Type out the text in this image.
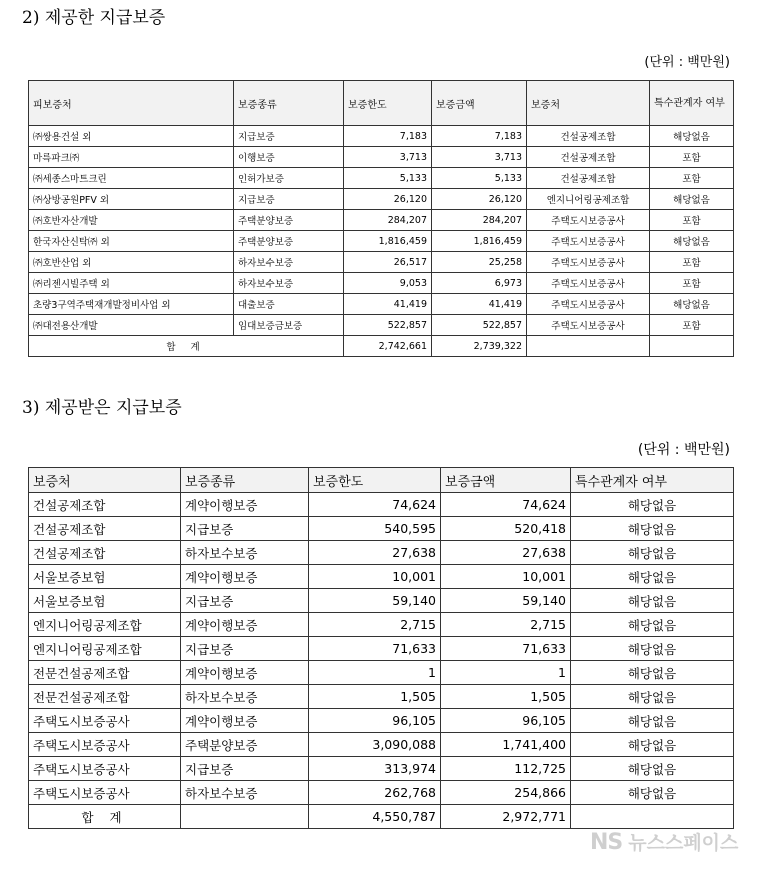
2) 제공한 지급보증
(단위 : 백만원)
피보증처	보증종류	보증한도	보증금액	보증처	특수관계자 여부
㈜쌍용건설 외	지급보증	7,183	7,183	건설공제조합	해당없음
마륵파크㈜	이행보증	3,713	3,713	건설공제조합	포함
㈜세종스마트크린	인허가보증	5,133	5,133	건설공제조합	포함
㈜상방공원PFV 외	지급보증	26,120	26,120	엔지니어링공제조합	해당없음
㈜호반자산개발	주택분양보증	284,207	284,207	주택도시보증공사	포함
한국자산신탁㈜ 외	주택분양보증	1,816,459	1,816,459	주택도시보증공사	해당없음
㈜호반산업 외	하자보수보증	26,517	25,258	주택도시보증공사	포함
㈜리젠시빌주택 외	하자보수보증	9,053	6,973	주택도시보증공사	포함
초량3구역주택재개발정비사업 외	대출보증	41,419	41,419	주택도시보증공사	해당없음
㈜대전용산개발	임대보증금보증	522,857	522,857	주택도시보증공사	포함
합 계		2,742,661	2,739,322		
3) 제공받은 지급보증
(단위 : 백만원)
보증처	보증종류	보증한도	보증금액	특수관계자 여부
건설공제조합	계약이행보증	74,624	74,624	해당없음
건설공제조합	지급보증	540,595	520,418	해당없음
건설공제조합	하자보수보증	27,638	27,638	해당없음
서울보증보험	계약이행보증	10,001	10,001	해당없음
서울보증보험	지급보증	59,140	59,140	해당없음
엔지니어링공제조합	계약이행보증	2,715	2,715	해당없음
엔지니어링공제조합	지급보증	71,633	71,633	해당없음
전문건설공제조합	계약이행보증	1	1	해당없음
전문건설공제조합	하자보수보증	1,505	1,505	해당없음
주택도시보증공사	계약이행보증	96,105	96,105	해당없음
주택도시보증공사	주택분양보증	3,090,088	1,741,400	해당없음
주택도시보증공사	지급보증	313,974	112,725	해당없음
주택도시보증공사	하자보수보증	262,768	254,866	해당없음
합 계		4,550,787	2,972,771	
NS 뉴스스페이스
